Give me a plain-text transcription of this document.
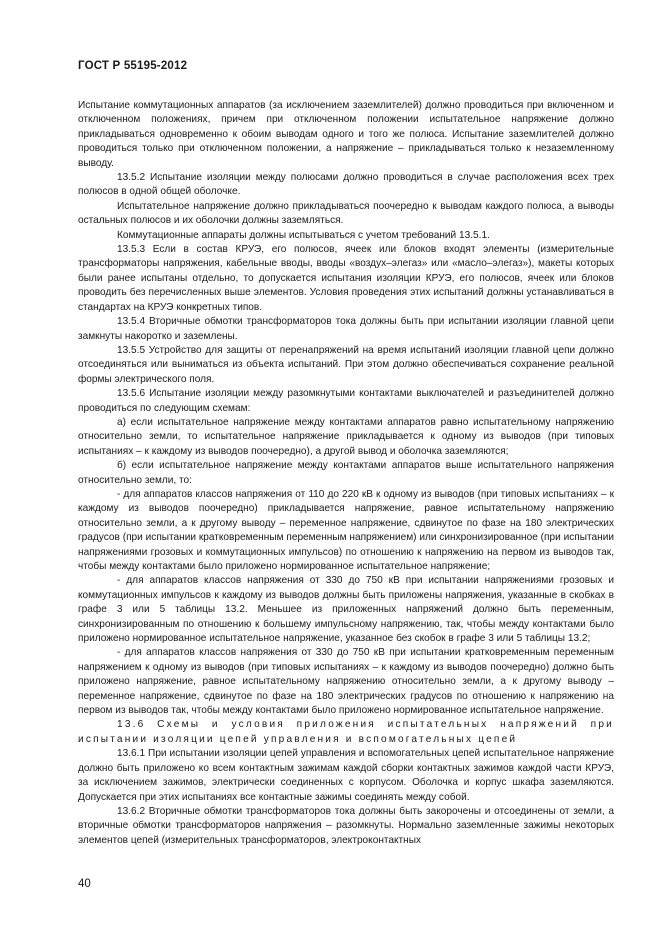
ГОСТ Р 55195-2012

Испытание коммутационных аппаратов (за исключением заземлителей) должно проводиться при включенном и отключенном положениях, причем при отключенном положении испытательное напряжение должно прикладываться одновременно к обоим выводам одного и того же полюса. Испытание заземлителей должно проводиться только при отключенном положении, а напряжение – прикладываться только к незаземленному выводу.

13.5.2 Испытание изоляции между полюсами должно проводиться в случае расположения всех трех полюсов в одной общей оболочке.

Испытательное напряжение должно прикладываться поочередно к выводам каждого полюса, а выводы остальных полюсов и их оболочки должны заземляться.

Коммутационные аппараты должны испытываться с учетом требований 13.5.1.

13.5.3 Если в состав КРУЭ, его полюсов, ячеек или блоков входят элементы (измерительные трансформаторы напряжения, кабельные вводы, вводы «воздух–элегаз» или «масло–элегаз»), макеты которых были ранее испытаны отдельно, то допускается испытания изоляции КРУЭ, его полюсов, ячеек или блоков проводить без перечисленных выше элементов. Условия проведения этих испытаний должны устанавливаться в стандартах на КРУЭ конкретных типов.

13.5.4 Вторичные обмотки трансформаторов тока должны быть при испытании изоляции главной цепи замкнуты накоротко и заземлены.

13.5.5 Устройство для защиты от перенапряжений на время испытаний изоляции главной цепи должно отсоединяться или выниматься из объекта испытаний. При этом должно обеспечиваться сохранение реальной формы электрического поля.

13.5.6 Испытание изоляции между разомкнутыми контактами выключателей и разъединителей должно проводиться по следующим схемам:

а) если испытательное напряжение между контактами аппаратов равно испытательному напряжению относительно земли, то испытательное напряжение прикладывается к одному из выводов (при типовых испытаниях – к каждому из выводов поочередно), а другой вывод и оболочка заземляются;

б) если испытательное напряжение между контактами аппаратов выше испытательного напряжения относительно земли, то:

- для аппаратов классов напряжения от 110 до 220 кВ к одному из выводов (при типовых испытаниях – к каждому из выводов поочередно) прикладывается напряжение, равное испытательному напряжению относительно земли, а к другому выводу – переменное напряжение, сдвинутое по фазе на 180 электрических градусов (при испытании кратковременным переменным напряжением) или синхронизированное (при испытании напряжениями грозовых и коммутационных импульсов) по отношению к напряжению на первом из выводов так, чтобы между контактами было приложено нормированное испытательное напряжение;

- для аппаратов классов напряжения от 330 до 750 кВ при испытании напряжениями грозовых и коммутационных импульсов к каждому из выводов должны быть приложены напряжения, указанные в скобках в графе 3 или 5 таблицы 13.2. Меньшее из приложенных напряжений должно быть переменным, синхронизированным по отношению к большему импульсному напряжению, так, чтобы между контактами было приложено нормированное испытательное напряжение, указанное без скобок в графе 3 или 5 таблицы 13.2;

- для аппаратов классов напряжения от 330 до 750 кВ при испытании кратковременным переменным напряжением к одному из выводов (при типовых испытаниях – к каждому из выводов поочередно) должно быть приложено напряжение, равное испытательному напряжению относительно земли, а к другому выводу – переменное напряжение, сдвинутое по фазе на 180 электрических градусов по отношению к напряжению на первом из выводов так, чтобы между контактами было приложено нормированное испытательное напряжение.

13.6 Схемы и условия приложения испытательных напряжений при испытании изоляции цепей управления и вспомогательных цепей

13.6.1 При испытании изоляции цепей управления и вспомогательных цепей испытательное напряжение должно быть приложено ко всем контактным зажимам каждой сборки контактных зажимов каждой части КРУЭ, за исключением зажимов, электрически соединенных с корпусом. Оболочка и корпус шкафа заземляются. Допускается при этих испытаниях все контактные зажимы соединять между собой.

13.6.2 Вторичные обмотки трансформаторов тока должны быть закорочены и отсоединены от земли, а вторичные обмотки трансформаторов напряжения – разомкнуты. Нормально заземленные зажимы некоторых элементов цепей (измерительных трансформаторов, электроконтактных

40
